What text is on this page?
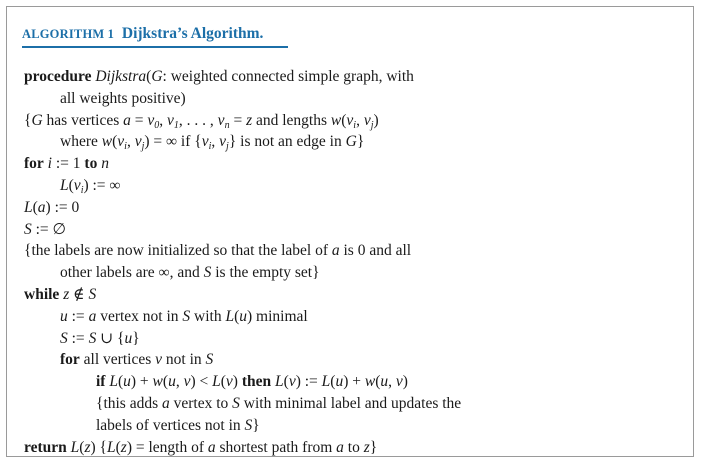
ALGORITHM 1 Dijkstra’s Algorithm.
procedure Dijkstra(G: weighted connected simple graph, with
all weights positive)
{G has vertices $a = v_0$, $v_1$, . . . , $v_n = z$ and lengths $w(v_i$, $v_j$)
where $w(v_i$, $v_j$) = ∞ if {$v_i$, $v_j$} is not an edge in G}
for i := 1 to n
$L(v_i)$ := ∞
L(a) := 0
S := ∅
{the labels are now initialized so that the label of a is 0 and all
other labels are ∞, and S is the empty set}
while z ∉ S
u := a vertex not in S with L(u) minimal
S := S ∪ {u}
for all vertices v not in S
if L(u) + w(u, v) < L(v) then L(v) := L(u) + w(u, v)
{this adds a vertex to S with minimal label and updates the
labels of vertices not in S}
return L(z) {L(z) = length of a shortest path from a to z}
